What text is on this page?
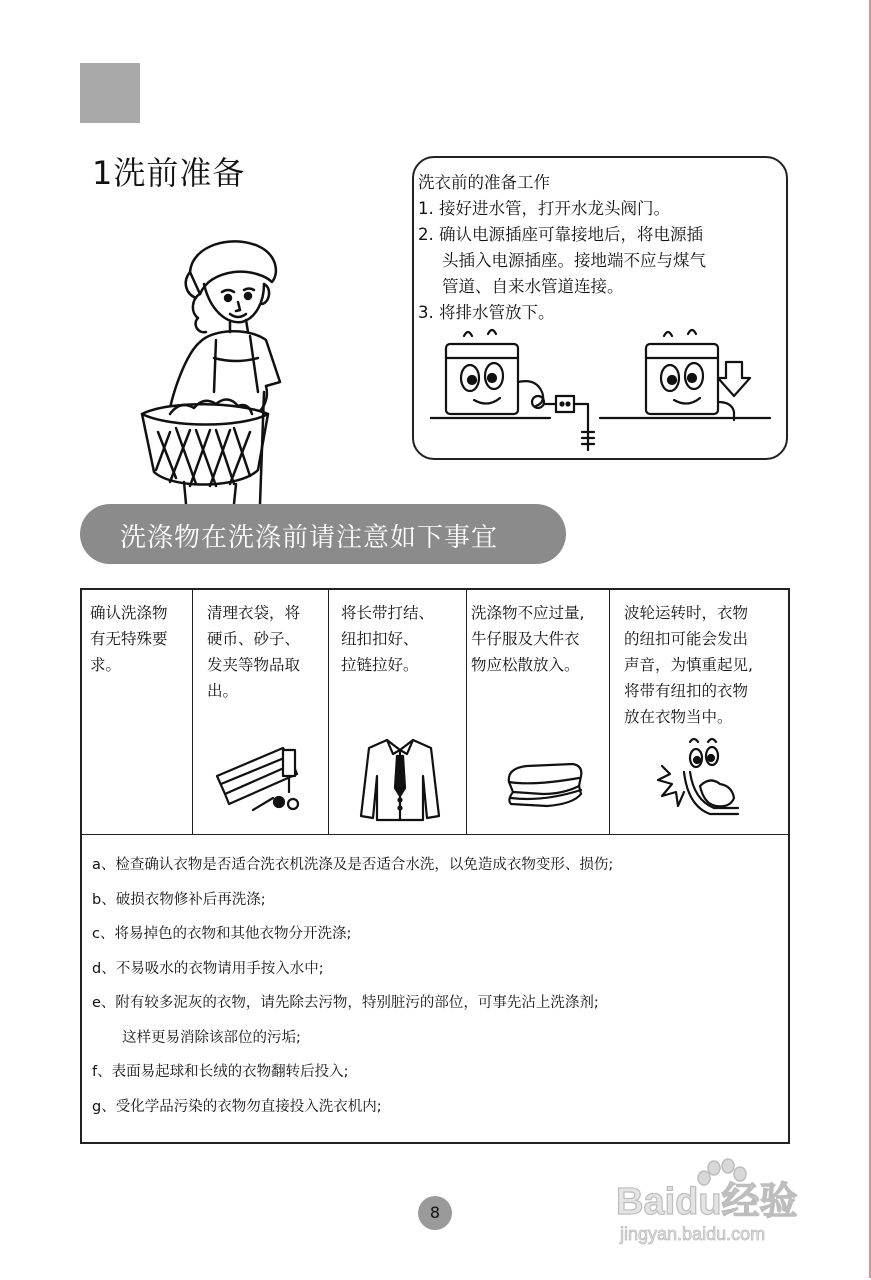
1洗前准备	洗衣前的准备工作
1. 接好进水管，打开水龙头阀门。
2. 确认电源插座可靠接地后，将电源插
头插入电源插座。接地端不应与煤气
管道、自来水管道连接。
3. 将排水管放下。
洗涤物在洗涤前请注意如下事宜
确认洗涤物
有无特殊要
求。
清理衣袋，将
硬币、砂子、
发夹等物品取
出。
将长带打结、
纽扣扣好、
拉链拉好。
洗涤物不应过量,
牛仔服及大件衣
物应松散放入。
波轮运转时，衣物
的纽扣可能会发出
声音，为慎重起见,
将带有纽扣的衣物
放在衣物当中。
a、检查确认衣物是否适合洗衣机洗涤及是否适合水洗，以免造成衣物变形、损伤;
b、破损衣物修补后再洗涤;
c、将易掉色的衣物和其他衣物分开洗涤;
d、不易吸水的衣物请用手按入水中;
e、附有较多泥灰的衣物，请先除去污物，特别脏污的部位，可事先沾上洗涤剂;
这样更易消除该部位的污垢;
f、表面易起球和长绒的衣物翻转后投入;
g、受化学品污染的衣物勿直接投入洗衣机内;
8	Baidu经验
jingyan.baidu.com
